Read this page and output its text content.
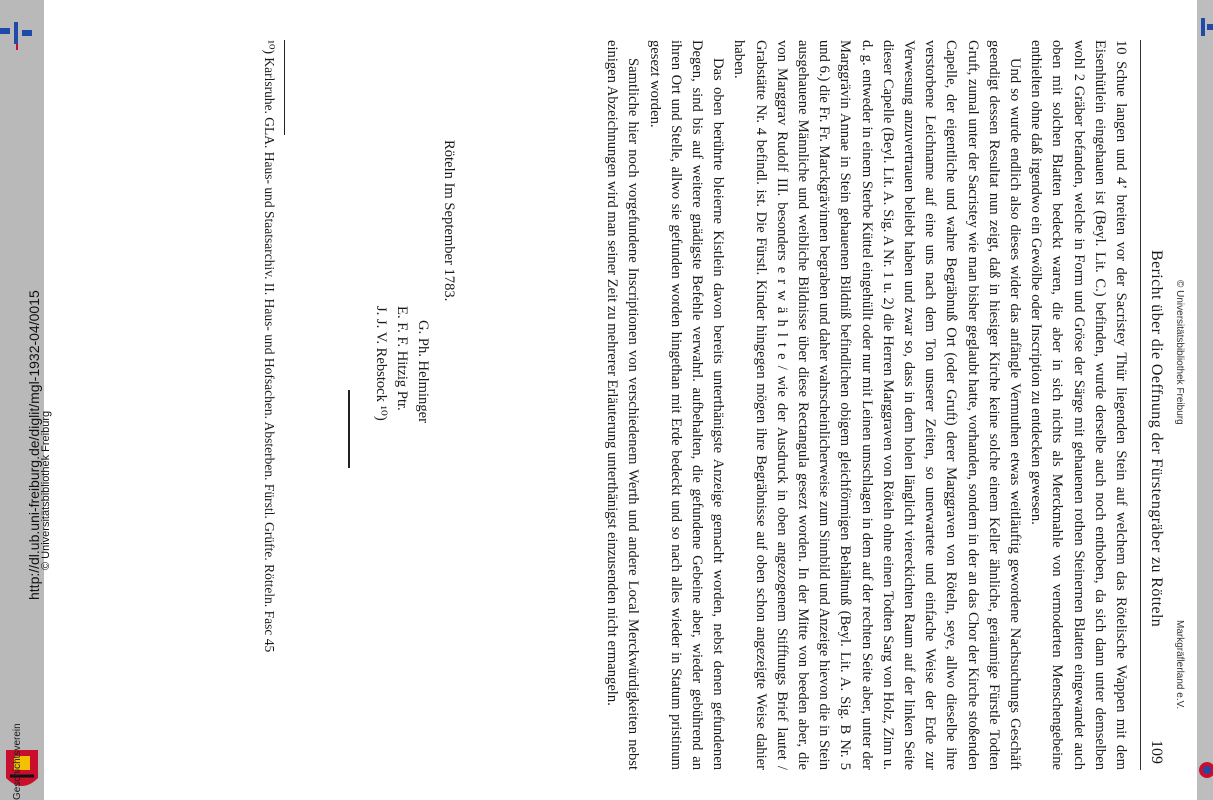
http://dl.ub.uni-freiburg.de/diglit/mgl-1932-04/0015
© Universitätsbibliothek Freiburg
© Universitätsbibliothek Freiburg
Markgräflerland e.V.
Geschichtsverein
Bericht über die Oeffnung der Fürstengräber zu Rötteln
109

10 Schue langen und 4’ breiten vor der Sacristey Thür liegenden Stein auf welchem das Rötelische Wappen mit dem Eisenhütlein eingehauen ist (Beyl. Lit. C.) befinden, wurde derselbe auch noch enthoben, da sich dann unter demselben wohl 2 Gräber befanden, welche in Form und Gröse der Särge mit gehauenen rothen Steinernen Blatten eingewandet auch oben mit solchen Blatten bedeckt waren, die aber in sich nichts als Merckmahle von vermoderten Menschengebeine enthielten ohne daß irgendwo ein Gewölbe oder Inscription zu entdecken gewesen.

Und so wurde endlich also dieses wider das anfängle Vermuthen etwas weitläuftig gewordene Nachsuchungs Geschäft geendigt dessen Resultat nun zeigt, daß in hiesiger Kirche keine solche einem Keller ähnliche, geräumige Fürstle Todten Gruft, zumal unter der Sacristey wie man bisher geglaubt hatte, vorhanden, sondern in der an das Chor der Kirche stoßenden Capelle, der eigentliche und wahre Begräbnuß Ort (oder Gruft) derer Marggraven von Röteln, seye, allwo dieselbe ihre verstorbene Leichname auf eine uns nach dem Ton unserer Zeiten, so unerwartete und einfache Weise der Erde zur Verwesung anzuvertrauen beliebt haben und zwar so, dass in dem holen länglicht viereckichten Raum auf der linken Seite dieser Capelle (Beyl. Lit. A. Sig. A Nr. 1 u. 2) die Herren Marggraven von Röteln ohne einen Todten Sarg von Holz, Zinn u. d. g. entweder in einem Sterbe Küttel eingehüllt oder nur mit Leinen umschlagen in dem auf der rechten Seite aber, unter der Marggrävin Annae in Stein gehauenen Bildniß befindlichen obigem gleichförmigen Behältnuß (Beyl. Lit. A. Sig. B Nr. 5 und 6.) die Fr. Fr. Marckgrävinnen begraben und daher wahrscheinlicherweise zum Sinnbild und Anzeige hievon die in Stein ausgehauene Männliche und weibliche Bildnisse über diese Rectangula gesezt worden. In der Mitte von beeden aber, die von Marggrav Rudolf III. besonders e r w ä h l t e / wie der Ausdruck in oben angezogenem Stifftungs Brief lautet / Grabstätte Nr. 4 befindl. ist. Die Fürstl. Kinder hingegen mögen ihre Begräbnisse auf oben schon angezeigte Weise dahier haben.

Das oben berührte bleierne Kistlein davon bereits unterthänigste Anzeige gemacht worden, nebst denen gefundenen Degen, sind bis auf weitere gnädigste Befehle verwahrl. aufbehalten, die gefundene Gebeine aber, wieder gebührend an ihren Ort und Stelle, allwo sie gefunden worden hingethan mit Erde bedeckt und so nach alles wieder in Statum pristinum gesezt worden.

Samtliche hier noch vorgefundene Inscriptionen von verschiedenem Werth und andere Local Merckwürdigkeiten nebst einigen Abzeichnungen wird man seiner Zeit zu mehrerer Erläuterung unterthänigst einzusenden nicht ermangeln.

Röteln Im September 1783.
G. Ph. Helminger
E. F. F. Hitzig Ptr.
J. J. V. Rebstock ¹⁰)
¹⁰) Karlsruhe. GLA. Haus- und Staatsarchiv. II. Haus- und Hofsachen. Absterben. Fürstl. Grüfte. Rötteln. Fasc 45
